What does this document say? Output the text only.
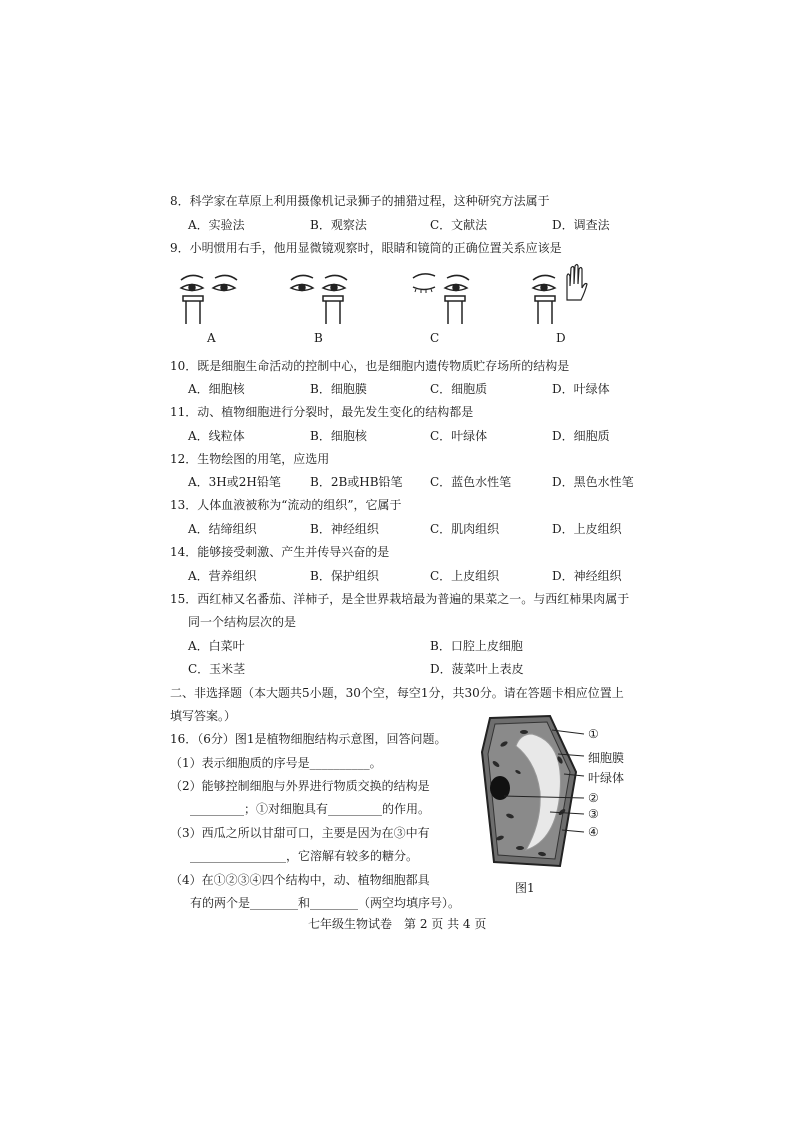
8．科学家在草原上利用摄像机记录狮子的捕猎过程，这种研究方法属于
A．实验法	B．观察法	C．文献法	D．调查法
9．小明惯用右手，他用显微镜观察时，眼睛和镜筒的正确位置关系应该是
A	B	C	D
10．既是细胞生命活动的控制中心，也是细胞内遗传物质贮存场所的结构是
A．细胞核	B．细胞膜	C．细胞质	D．叶绿体
11．动、植物细胞进行分裂时，最先发生变化的结构都是
A．线粒体	B．细胞核	C．叶绿体	D．细胞质
12．生物绘图的用笔，应选用
A．3H或2H铅笔 B．2B或HB铅笔 C．蓝色水性笔	D．黑色水性笔
13．人体血液被称为“流动的组织”，它属于
A．结缔组织	B．神经组织	C．肌肉组织	D．上皮组织
14．能够接受刺激、产生并传导兴奋的是
A．营养组织	B．保护组织	C．上皮组织	D．神经组织
15．西红柿又名番茄、洋柿子，是全世界栽培最为普遍的果菜之一。与西红柿果肉属于
同一个结构层次的是
A．白菜叶	B．口腔上皮细胞
C．玉米茎	D．菠菜叶上表皮
二、非选择题（本大题共5小题，30个空，每空1分，共30分。请在答题卡相应位置上
填写答案。）
16．（6分）图1是植物细胞结构示意图，回答问题。
（1）表示细胞质的序号是__________。
（2）能够控制细胞与外界进行物质交换的结构是
_________；①对细胞具有_________的作用。
（3）西瓜之所以甘甜可口，主要是因为在③中有
________________，它溶解有较多的糖分。
（4）在①②③④四个结构中，动、植物细胞都具
有的两个是________和________（两空均填序号）。
①
细胞膜
叶绿体
②
③
④
图1
七年级生物试卷　第 2 页 共 4 页
